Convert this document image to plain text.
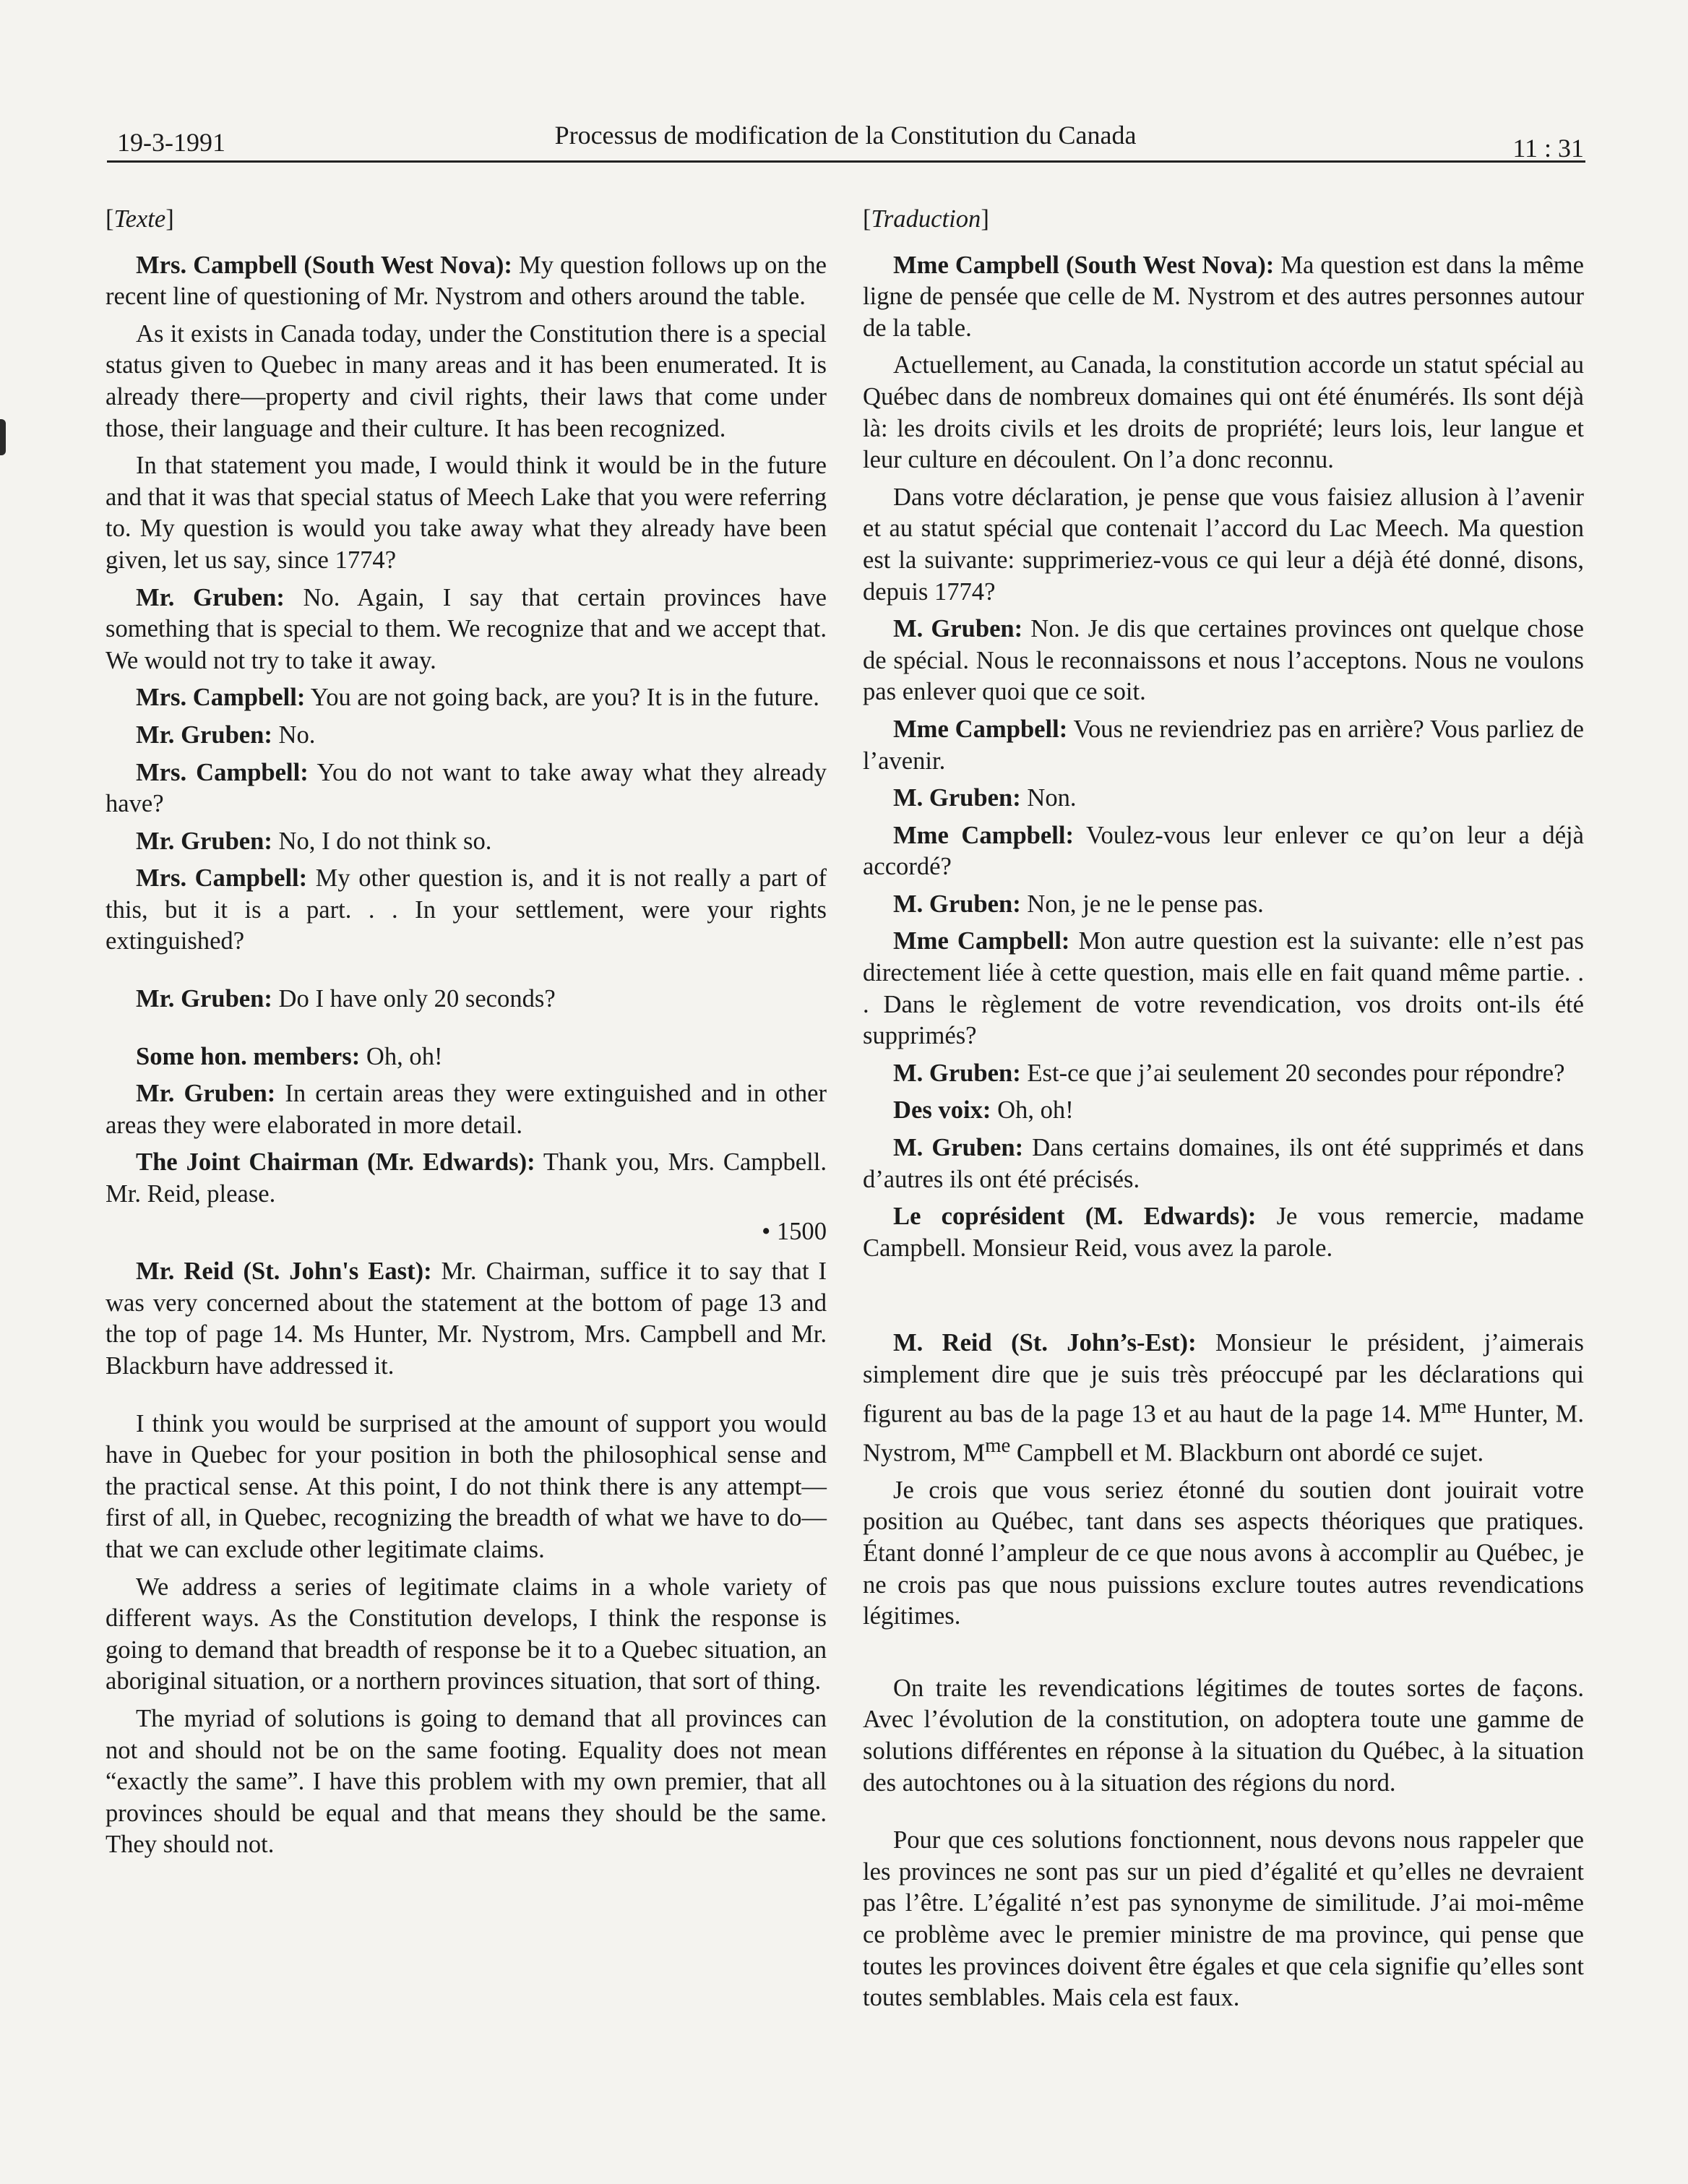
19-3-1991	Processus de modification de la Constitution du Canada	11 : 31

[Texte]

Mrs. Campbell (South West Nova): My question follows up on the recent line of questioning of Mr. Nystrom and others around the table.

As it exists in Canada today, under the Constitution there is a special status given to Quebec in many areas and it has been enumerated. It is already there—property and civil rights, their laws that come under those, their language and their culture. It has been recognized.

In that statement you made, I would think it would be in the future and that it was that special status of Meech Lake that you were referring to. My question is would you take away what they already have been given, let us say, since 1774?

Mr. Gruben: No. Again, I say that certain provinces have something that is special to them. We recognize that and we accept that. We would not try to take it away.

Mrs. Campbell: You are not going back, are you? It is in the future.

Mr. Gruben: No.

Mrs. Campbell: You do not want to take away what they already have?

Mr. Gruben: No, I do not think so.

Mrs. Campbell: My other question is, and it is not really a part of this, but it is a part. . . In your settlement, were your rights extinguished?

Mr. Gruben: Do I have only 20 seconds?

Some hon. members: Oh, oh!

Mr. Gruben: In certain areas they were extinguished and in other areas they were elaborated in more detail.

The Joint Chairman (Mr. Edwards): Thank you, Mrs. Campbell. Mr. Reid, please.

• 1500

Mr. Reid (St. John's East): Mr. Chairman, suffice it to say that I was very concerned about the statement at the bottom of page 13 and the top of page 14. Ms Hunter, Mr. Nystrom, Mrs. Campbell and Mr. Blackburn have addressed it.

I think you would be surprised at the amount of support you would have in Quebec for your position in both the philosophical sense and the practical sense. At this point, I do not think there is any attempt—first of all, in Quebec, recognizing the breadth of what we have to do—that we can exclude other legitimate claims.

We address a series of legitimate claims in a whole variety of different ways. As the Constitution develops, I think the response is going to demand that breadth of response be it to a Quebec situation, an aboriginal situation, or a northern provinces situation, that sort of thing.

The myriad of solutions is going to demand that all provinces can not and should not be on the same footing. Equality does not mean “exactly the same”. I have this problem with my own premier, that all provinces should be equal and that means they should be the same. They should not.

[Traduction]

Mme Campbell (South West Nova): Ma question est dans la même ligne de pensée que celle de M. Nystrom et des autres personnes autour de la table.

Actuellement, au Canada, la constitution accorde un statut spécial au Québec dans de nombreux domaines qui ont été énumérés. Ils sont déjà là: les droits civils et les droits de propriété; leurs lois, leur langue et leur culture en découlent. On l’a donc reconnu.

Dans votre déclaration, je pense que vous faisiez allusion à l’avenir et au statut spécial que contenait l’accord du Lac Meech. Ma question est la suivante: supprimeriez-vous ce qui leur a déjà été donné, disons, depuis 1774?

M. Gruben: Non. Je dis que certaines provinces ont quelque chose de spécial. Nous le reconnaissons et nous l’acceptons. Nous ne voulons pas enlever quoi que ce soit.

Mme Campbell: Vous ne reviendriez pas en arrière? Vous parliez de l’avenir.

M. Gruben: Non.

Mme Campbell: Voulez-vous leur enlever ce qu’on leur a déjà accordé?

M. Gruben: Non, je ne le pense pas.

Mme Campbell: Mon autre question est la suivante: elle n’est pas directement liée à cette question, mais elle en fait quand même partie. . . Dans le règlement de votre revendication, vos droits ont-ils été supprimés?

M. Gruben: Est-ce que j’ai seulement 20 secondes pour répondre?

Des voix: Oh, oh!

M. Gruben: Dans certains domaines, ils ont été supprimés et dans d’autres ils ont été précisés.

Le coprésident (M. Edwards): Je vous remercie, madame Campbell. Monsieur Reid, vous avez la parole.

M. Reid (St. John’s-Est): Monsieur le président, j’aimerais simplement dire que je suis très préoccupé par les déclarations qui figurent au bas de la page 13 et au haut de la page 14. $M^{me}$ Hunter, M. Nystrom, $M^{me}$ Campbell et M. Blackburn ont abordé ce sujet.

Je crois que vous seriez étonné du soutien dont jouirait votre position au Québec, tant dans ses aspects théoriques que pratiques. Étant donné l’ampleur de ce que nous avons à accomplir au Québec, je ne crois pas que nous puissions exclure toutes autres revendications légitimes.

On traite les revendications légitimes de toutes sortes de façons. Avec l’évolution de la constitution, on adoptera toute une gamme de solutions différentes en réponse à la situation du Québec, à la situation des autochtones ou à la situation des régions du nord.

Pour que ces solutions fonctionnent, nous devons nous rappeler que les provinces ne sont pas sur un pied d’égalité et qu’elles ne devraient pas l’être. L’égalité n’est pas synonyme de similitude. J’ai moi-même ce problème avec le premier ministre de ma province, qui pense que toutes les provinces doivent être égales et que cela signifie qu’elles sont toutes semblables. Mais cela est faux.
